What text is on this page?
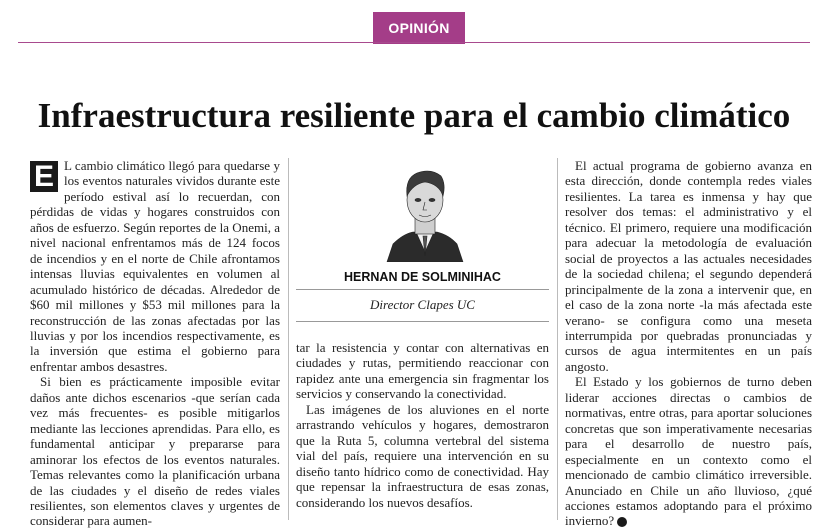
OPINIÓN
Infraestructura resiliente para el cambio climático

E L cambio climático llegó para quedarse y los eventos naturales vividos durante este período estival así lo recuerdan, con pérdidas de vidas y hogares construidos con años de esfuerzo. Según reportes de la Onemi, a nivel nacional enfrentamos más de 124 focos de incendios y en el norte de Chile afrontamos intensas lluvias equivalentes en volumen al acumulado histórico de décadas. Alrededor de $60 mil millones y $53 mil millones para la reconstrucción de las zonas afectadas por las lluvias y por los incendios respectivamente, es la inversión que estima el gobierno para enfrentar ambos desastres.

Si bien es prácticamente imposible evitar daños ante dichos escenarios -que serían cada vez más frecuentes- es posible mitigarlos mediante las lecciones aprendidas. Para ello, es fundamental anticipar y prepararse para aminorar los efectos de los eventos naturales. Temas relevantes como la planificación urbana de las ciudades y el diseño de redes viales resilientes, son elementos claves y urgentes de considerar para aumen-

HERNAN DE SOLMINIHAC
Director Clapes UC

tar la resistencia y contar con alternativas en ciudades y rutas, permitiendo reaccionar con rapidez ante una emergencia sin fragmentar los servicios y conservando la conectividad.

Las imágenes de los aluviones en el norte arrastrando vehículos y hogares, demostraron que la Ruta 5, columna vertebral del sistema vial del país, requiere una intervención en su diseño tanto hídrico como de conectividad. Hay que repensar la infraestructura de esas zonas, considerando los nuevos desafíos.

El actual programa de gobierno avanza en esta dirección, donde contempla redes viales resilientes. La tarea es inmensa y hay que resolver dos temas: el administrativo y el técnico. El primero, requiere una modificación para adecuar la metodología de evaluación social de proyectos a las actuales necesidades de la sociedad chilena; el segundo dependerá principalmente de la zona a intervenir que, en el caso de la zona norte -la más afectada este verano- se configura como una meseta interrumpida por quebradas pronunciadas y cursos de agua intermitentes en un país angosto.

El Estado y los gobiernos de turno deben liderar acciones directas o cambios de normativas, entre otras, para aportar soluciones concretas que son imperativamente necesarias para el desarrollo de nuestro país, especialmente en un contexto como el mencionado de cambio climático irreversible. Anunciado en Chile un año lluvioso, ¿qué acciones estamos adoptando para el próximo invierno? P
